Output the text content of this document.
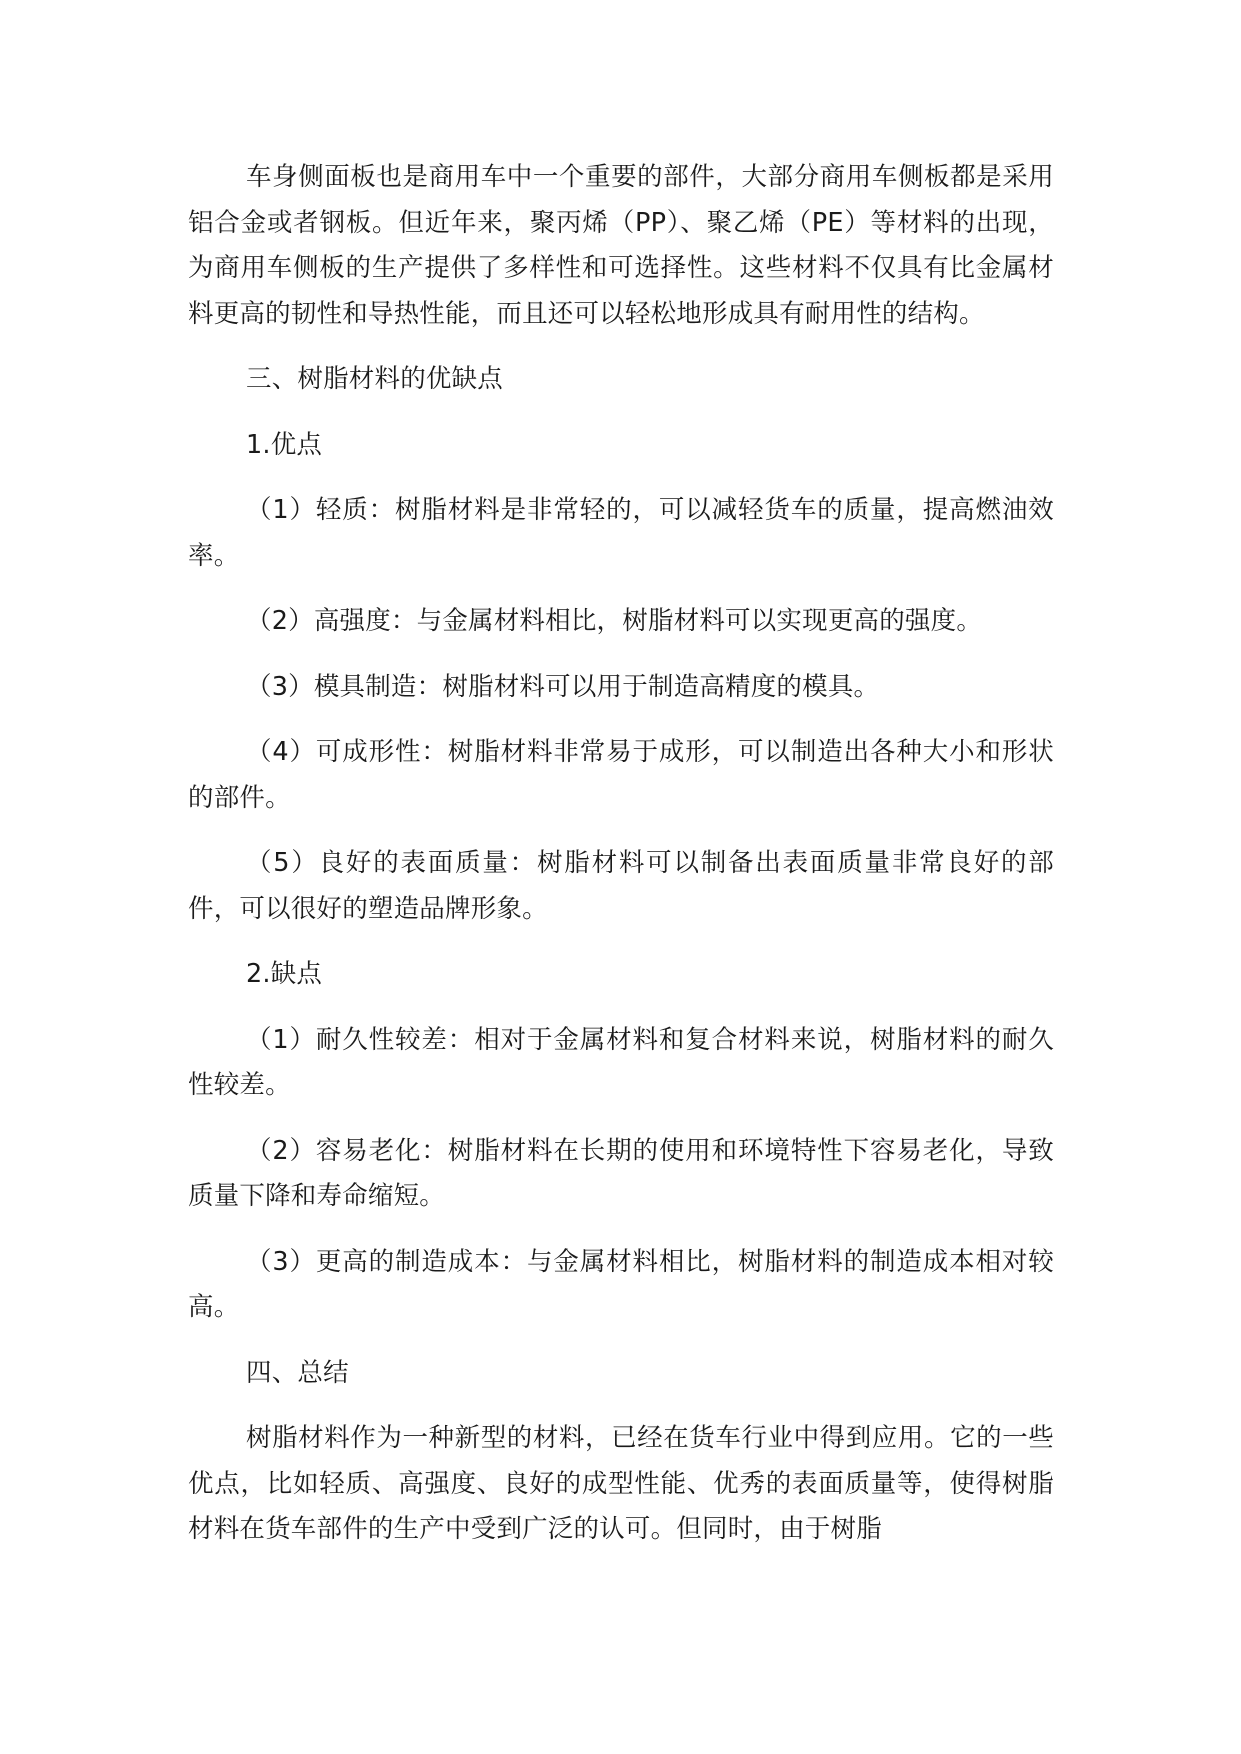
车身侧面板也是商用车中一个重要的部件，大部分商用车侧板都是采用铝合金或者钢板。但近年来，聚丙烯（PP）、聚乙烯（PE）等材料的出现，为商用车侧板的生产提供了多样性和可选择性。这些材料不仅具有比金属材料更高的韧性和导热性能，而且还可以轻松地形成具有耐用性的结构。

三、树脂材料的优缺点

1.优点

（1）轻质：树脂材料是非常轻的，可以减轻货车的质量，提高燃油效率。

（2）高强度：与金属材料相比，树脂材料可以实现更高的强度。

（3）模具制造：树脂材料可以用于制造高精度的模具。

（4）可成形性：树脂材料非常易于成形，可以制造出各种大小和形状的部件。

（5）良好的表面质量：树脂材料可以制备出表面质量非常良好的部件，可以很好的塑造品牌形象。

2.缺点

（1）耐久性较差：相对于金属材料和复合材料来说，树脂材料的耐久性较差。

（2）容易老化：树脂材料在长期的使用和环境特性下容易老化，导致质量下降和寿命缩短。

（3）更高的制造成本：与金属材料相比，树脂材料的制造成本相对较高。

四、总结

树脂材料作为一种新型的材料，已经在货车行业中得到应用。它的一些优点，比如轻质、高强度、良好的成型性能、优秀的表面质量等，使得树脂材料在货车部件的生产中受到广泛的认可。但同时，由于树脂
